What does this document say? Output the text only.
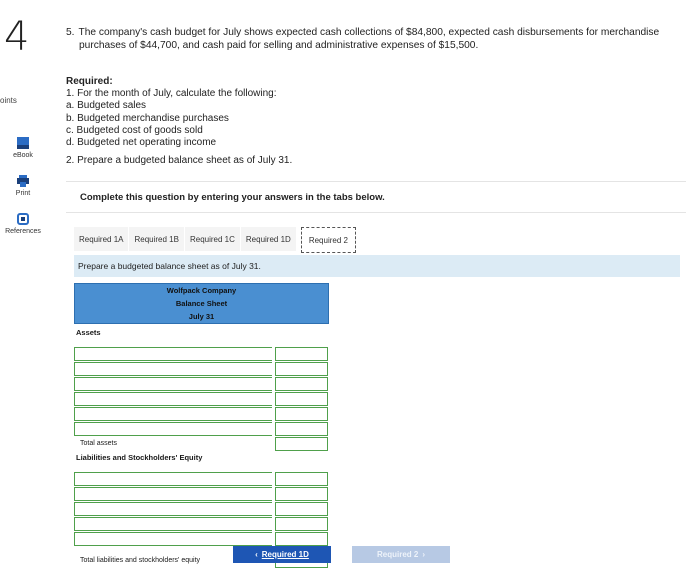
4
oints
eBook
Print
References
5. The company's cash budget for July shows expected cash collections of $84,800, expected cash disbursements for merchandise
purchases of $44,700, and cash paid for selling and administrative expenses of $15,500.
Required:
1. For the month of July, calculate the following:
a. Budgeted sales
b. Budgeted merchandise purchases
c. Budgeted cost of goods sold
d. Budgeted net operating income
2. Prepare a budgeted balance sheet as of July 31.
Complete this question by entering your answers in the tabs below.
Required 1A	Required 1B	Required 1C	Required 1D	Required 2
Prepare a budgeted balance sheet as of July 31.
Wolfpack Company
Balance Sheet
July 31
Assets
Total assets
Liabilities and Stockholders' Equity
Total liabilities and stockholders' equity
‹ Required 1D	Required 2 ›
